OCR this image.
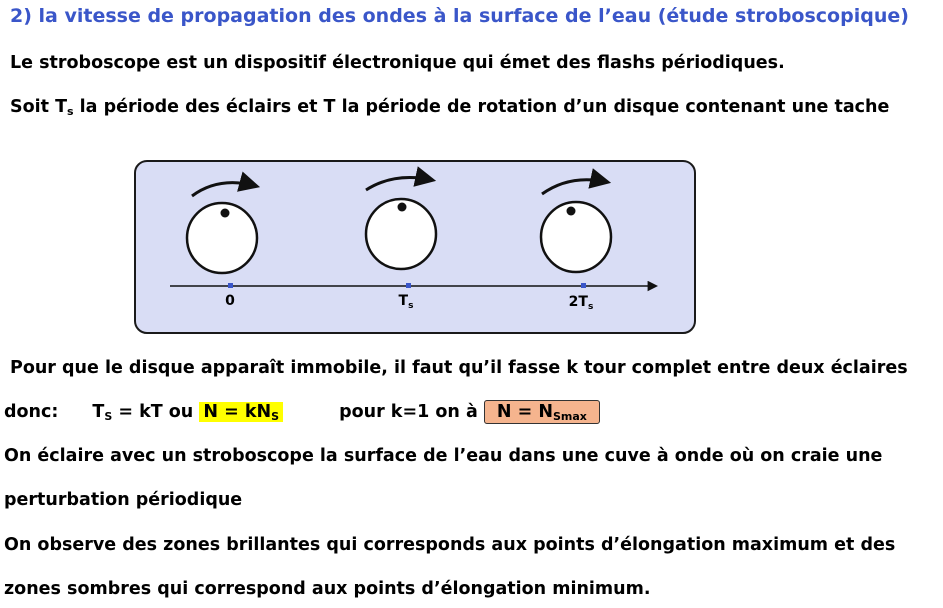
2) la vitesse de propagation des ondes à la surface de l’eau (étude stroboscopique)
Le stroboscope est un dispositif électronique qui émet des flashs périodiques.
Soit $T_s$ la période des éclairs et T la période de rotation d’un disque contenant une tache
0	$T_s$	$2T_s$
Pour que le disque apparaît immobile, il faut qu’il fasse k tour complet entre deux éclaires
donc: $T_S$ = kT ou $N = kN_S$	pour k=1 on à $N = N_{Smax}$
On éclaire avec un stroboscope la surface de l’eau dans une cuve à onde où on craie une
perturbation périodique
On observe des zones brillantes qui corresponds aux points d’élongation maximum et des
zones sombres qui correspond aux points d’élongation minimum.
